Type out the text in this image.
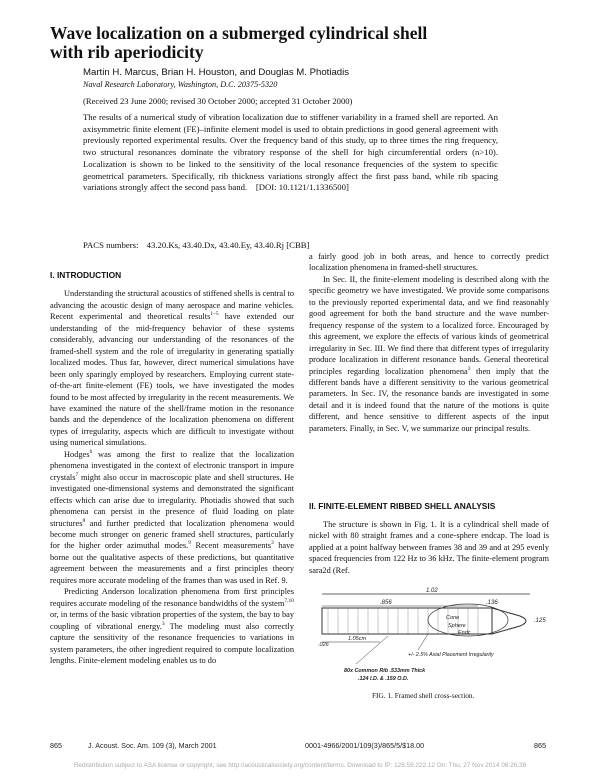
Wave localization on a submerged cylindrical shell
with rib aperiodicity
Martin H. Marcus, Brian H. Houston, and Douglas M. Photiadis
Naval Research Laboratory, Washington, D.C. 20375-5320
(Received 23 June 2000; revised 30 October 2000; accepted 31 October 2000)
The results of a numerical study of vibration localization due to stiffener variability in a framed shell are reported. An axisymmetric finite element (FE)–infinite element model is used to obtain predictions in good general agreement with previously reported experimental results. Over the frequency band of this study, up to three times the ring frequency, two structural resonances dominate the vibratory response of the shell for high circumferential orders (n>10). Localization is shown to be linked to the sensitivity of the local resonance frequencies of the system to specific geometrical parameters. Specifically, rib thickness variations strongly affect the first pass band, while rib spacing variations strongly affect the second pass band. [DOI: 10.1121/1.1336500]
PACS numbers: 43.20.Ks, 43.40.Dx, 43.40.Ey, 43.40.Rj [CBB]
I. INTRODUCTION

Understanding the structural acoustics of stiffened shells is central to advancing the acoustic design of many aerospace and marine vehicles. Recent experimental and theoretical results$^{1-5}$ have extended our understanding of the mid-frequency behavior of these systems considerably, advancing our understanding of the resonances of the framed-shell system and the role of irregularity in generating spatially localized modes. Thus far, however, direct numerical simulations have been only sparingly employed by researchers. Employing current state-of-the-art finite-element (FE) tools, we have investigated the modes found to be most affected by irregularity in the recent measurements. We have examined the nature of the shell/frame motion in the resonance bands and the dependence of the localization phenomena on different types of irregularity, aspects which are difficult to investigate without using numerical simulations.

Hodges$^6$ was among the first to realize that the localization phenomena investigated in the context of electronic transport in impure crystals$^7$ might also occur in macroscopic plate and shell structures. He investigated one-dimensional systems and demonstrated the significant effects which can arise due to irregularity. Photiadis showed that such phenomena can persist in the presence of fluid loading on plate structures$^8$ and further predicted that localization phenomena would become much stronger on generic framed shell structures, particularly for the higher order azimuthal modes.$^9$ Recent measurements$^3$ have borne out the qualitative aspects of these predictions, but quantitative agreement between the measurements and a first principles theory requires more accurate modeling of the frames than was used in Ref. 9.

Predicting Anderson localization phenomena from first principles requires accurate modeling of the resonance bandwidths of the system$^{7,10}$ or, in terms of the basic vibration properties of the system, the bay to bay coupling of vibrational energy.$^3$ The modeling must also correctly capture the sensitivity of the resonance frequencies to variations in system parameters, the other ingredient required to compute localization lengths. Finite-element modeling enables us to do

a fairly good job in both areas, and hence to correctly predict localization phenomena in framed-shell structures.

In Sec. II, the finite-element modeling is described along with the specific geometry we have investigated. We provide some comparisons to the previously reported experimental data, and we find reasonably good agreement for both the band structure and the wave number-frequency response of the system to a localized force. Encouraged by this agreement, we explore the effects of various kinds of geometrical irregularity in Sec. III. We find there that different types of irregularity produce localization in different resonance bands. General theoretical principles regarding localization phenomena$^3$ then imply that the different bands have a different sensitivity to the various geometrical parameters. In Sec. IV, the resonance bands are investigated in some detail and it is indeed found that the nature of the motions is quite different, and hence sensitive to different aspects of the input parameters. Finally, in Sec. V, we summarize our principal results.

II. FINITE-ELEMENT RIBBED SHELL ANALYSIS

The structure is shown in Fig. 1. It is a cylindrical shell made of nickel with 80 straight frames and a cone-sphere endcap. The load is applied at a point halfway between frames 38 and 39 and at 295 evenly spaced frequencies from 122 Hz to 36 kHz. The finite-element program sara2d (Ref.

1.02
.856	.136
Cone
Sphere
Endc
.125
.026
1.05cm
+/- 2.5% Axial Placement Irregularity
80x Common Rib .533mm Thick
.124 I.D. & .159 O.D.
FIG. 1. Framed shell cross-section.
865	J. Acoust. Soc. Am. 109 (3), March 2001	0001-4966/2001/109(3)/865/5/$18.00	865
Redistribution subject to ASA license or copyright; see http://acousticalsociety.org/content/terms. Download to IP: 128.59.222.12 On: Thu, 27 Nov 2014 06:26:38
